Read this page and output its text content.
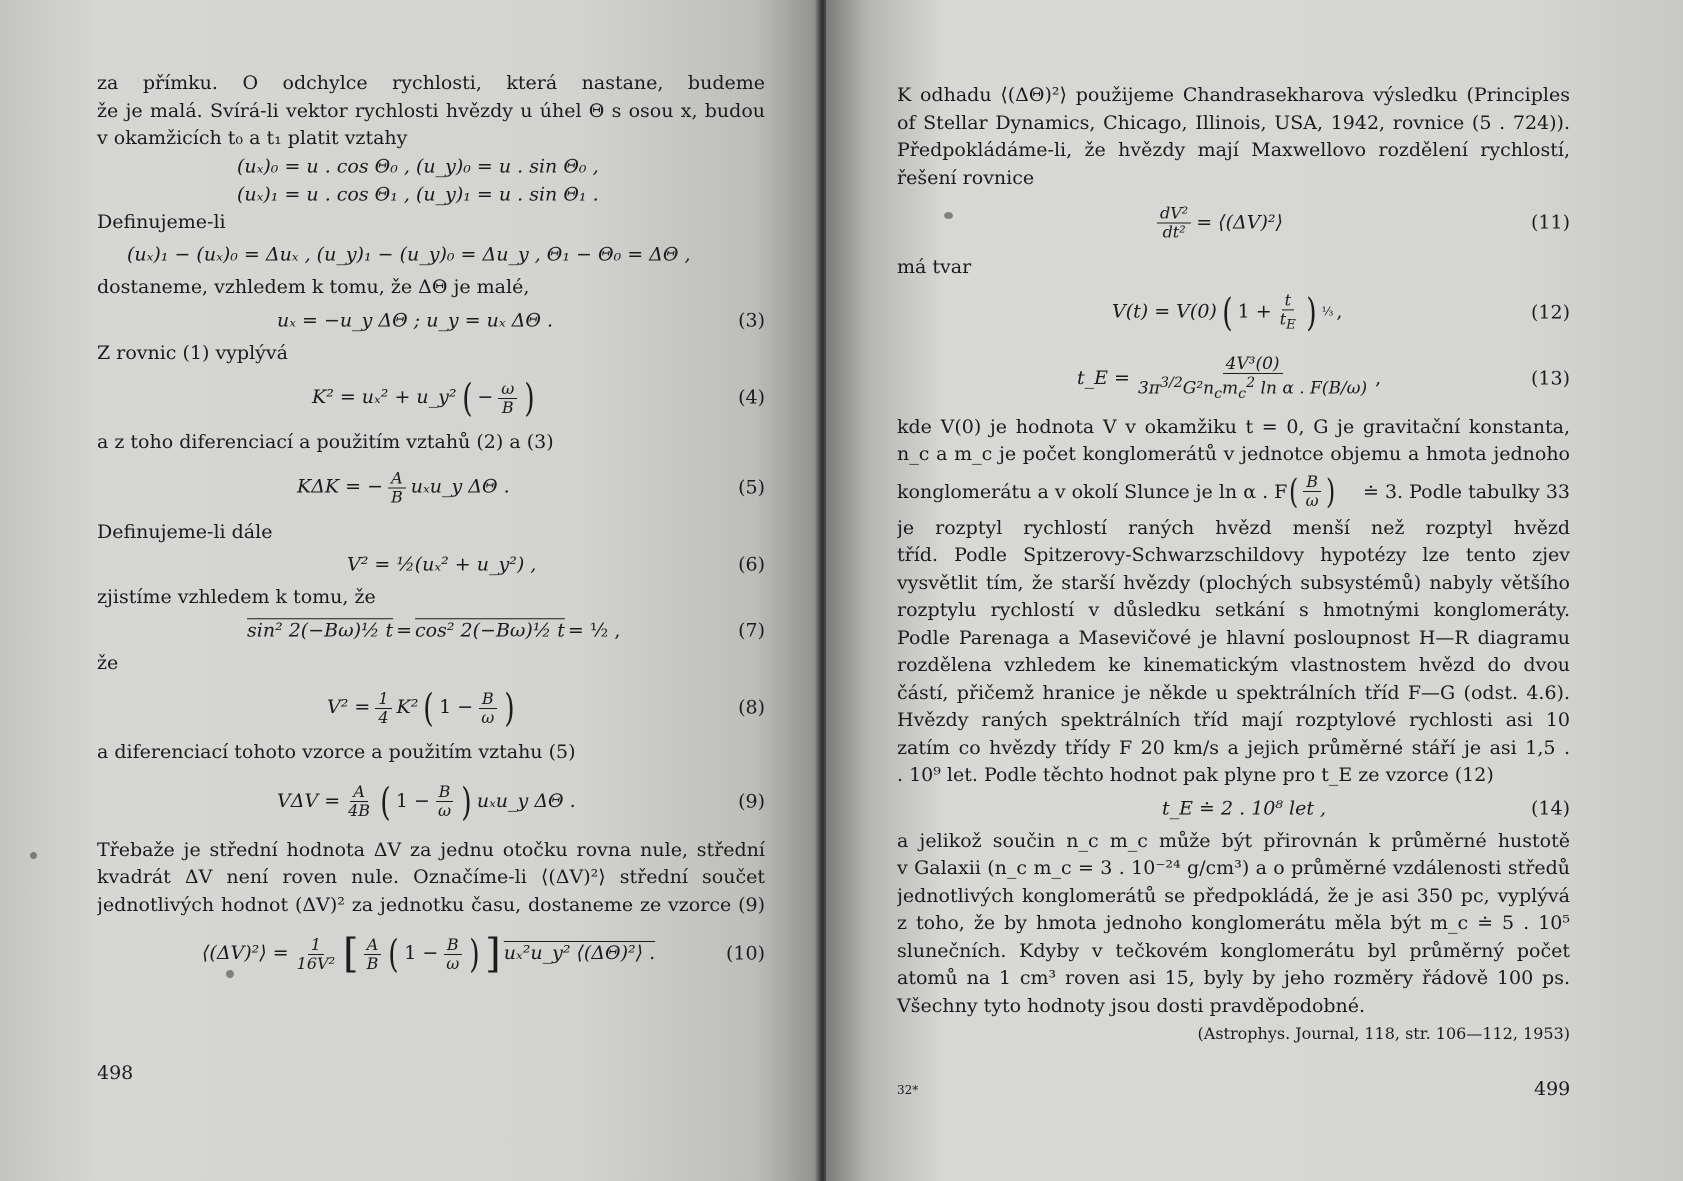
za přímku. O odchylce rychlosti, která nastane, budeme
že je malá. Svírá-li vektor rychlosti hvězdy u úhel Θ s osou x, budou
v okamžicích t₀ a t₁ platit vztahy
(uₓ)₀ = u . cos Θ₀ , (u_y)₀ = u . sin Θ₀ ,
(uₓ)₁ = u . cos Θ₁ , (u_y)₁ = u . sin Θ₁ .
Definujeme-li
(uₓ)₁ − (uₓ)₀ = Δuₓ , (u_y)₁ − (u_y)₀ = Δu_y , Θ₁ − Θ₀ = ΔΘ ,
dostaneme, vzhledem k tomu, že ΔΘ je malé,
uₓ = −u_y ΔΘ ; u_y = uₓ ΔΘ .	(3)
Z rovnic (1) vyplývá
K² = uₓ² + u_y² ( − $\frac{\omega}{B}$ )	(4)
a z toho diferenciací a použitím vztahů (2) a (3)
KΔK = − $\frac{A}{B}$ uₓu_y ΔΘ .	(5)
Definujeme-li dále
V² = ½(uₓ² + u_y²) ,	(6)
zjistíme vzhledem k tomu, že
sin² 2(−Bω)½ t = cos² 2(−Bω)½ t = ½ ,	(7)
že
$V^2 = \frac{1}{4} K^2$ ( $1 - \frac{B}{\omega}$ )	(8)
a diferenciací tohoto vzorce a použitím vztahu (5)
$V\Delta V = \frac{A}{4B}$ ( $1 - \frac{B}{\omega}$ ) uₓu_y ΔΘ .	(9)
Třebaže je střední hodnota ΔV za jednu otočku rovna nule, střední
kvadrát ΔV není roven nule. Označíme-li ⟨(ΔV)²⟩ střední součet
jednotlivých hodnot (ΔV)² za jednotku času, dostaneme ze vzorce (9)
⟨(ΔV)²⟩ = $\frac{1}{\text{16V²}}$ [ $\frac{A}{B}$ ( $1 - \frac{B}{\omega}$ ) ] uₓ²u_y² ⟨(ΔΘ)²⟩ .	(10)
498
K odhadu ⟨(ΔΘ)²⟩ použijeme Chandrasekharova výsledku (Principles
of Stellar Dynamics, Chicago, Illinois, USA, 1942, rovnice (5 . 724)).
Předpokládáme-li, že hvězdy mají Maxwellovo rozdělení rychlostí,
řešení rovnice
$\frac{\text{dV²}}{\text{dt²}}$ = ⟨(ΔV)²⟩	(11)
má tvar
V(t) = V(0) ( $1 + \frac{t}{t_E}$ ) ⅓ ,	(12)
t_E = $\frac{\text{4V³(0)}}{3\pi^{3/2}G^2n_cm_c^2 \ln \alpha . F(B/\omega)}$ ,	(13)
kde V(0) je hodnota V v okamžiku t = 0, G je gravitační konstanta,
n_c a m_c je počet konglomerátů v jednotce objemu a hmota jednoho
konglomerátu a v okolí Slunce je ln α . F ( $\frac{B}{\omega}$ ) ≐ 3. Podle tabulky 33
je rozptyl rychlostí raných hvězd menší než rozptyl hvězd
tříd. Podle Spitzerovy-Schwarzschildovy hypotézy lze tento zjev
vysvětlit tím, že starší hvězdy (plochých subsystémů) nabyly většího
rozptylu rychlostí v důsledku setkání s hmotnými konglomeráty.
Podle Parenaga a Masevičové je hlavní posloupnost H—R diagramu
rozdělena vzhledem ke kinematickým vlastnostem hvězd do dvou
částí, přičemž hranice je někde u spektrálních tříd F—G (odst. 4.6).
Hvězdy raných spektrálních tříd mají rozptylové rychlosti asi 10
zatím co hvězdy třídy F 20 km/s a jejich průměrné stáří je asi 1,5 .
. 10⁹ let. Podle těchto hodnot pak plyne pro t_E ze vzorce (12)
t_E ≐ 2 . 10⁸ let ,	(14)
a jelikož součin n_c m_c může být přirovnán k průměrné hustotě
v Galaxii (n_c m_c = 3 . 10⁻²⁴ g/cm³) a o průměrné vzdálenosti středů
jednotlivých konglomerátů se předpokládá, že je asi 350 pc, vyplývá
z toho, že by hmota jednoho konglomerátu měla být m_c ≐ 5 . 10⁵
slunečních. Kdyby v tečkovém konglomerátu byl průměrný počet
atomů na 1 cm³ roven asi 15, byly by jeho rozměry řádově 100 ps.
Všechny tyto hodnoty jsou dosti pravděpodobné.
(Astrophys. Journal, 118, str. 106—112, 1953)
32*	499
